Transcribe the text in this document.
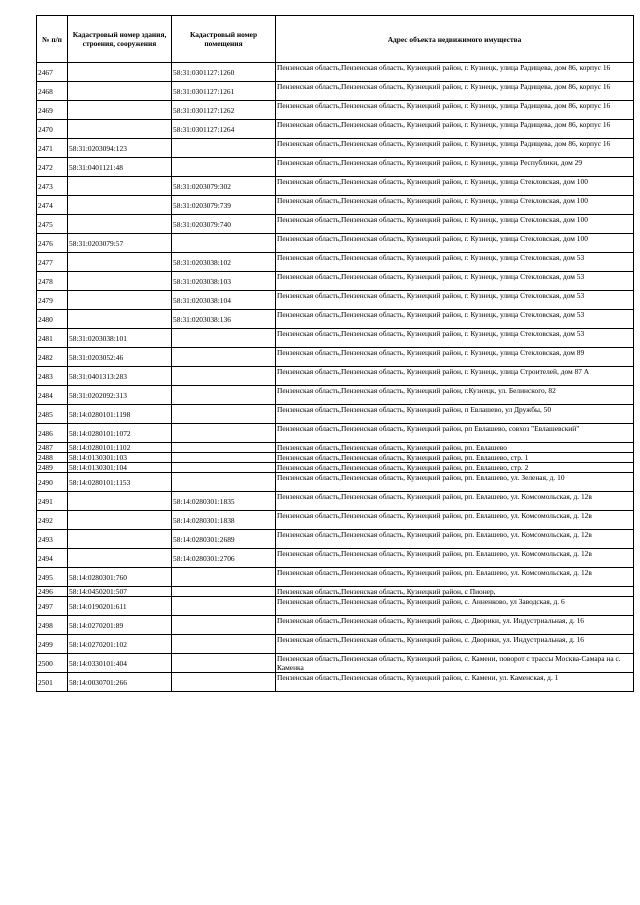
№ п/п	Кадастровый номер здания, строения, сооружения	Кадастровый номер помещения	Адрес объекта недвижимого имущества
2467		58:31:0301127:1260	Пензенская область,Пензенская область, Кузнецкий район, г. Кузнецк, улица Радищева, дом 86, корпус 16
2468		58:31:0301127:1261	Пензенская область,Пензенская область, Кузнецкий район, г. Кузнецк, улица Радищева, дом 86, корпус 16
2469		58:31:0301127:1262	Пензенская область,Пензенская область, Кузнецкий район, г. Кузнецк, улица Радищева, дом 86, корпус 16
2470		58:31:0301127:1264	Пензенская область,Пензенская область, Кузнецкий район, г. Кузнецк, улица Радищева, дом 86, корпус 16
2471	58:31:0203094:123		Пензенская область,Пензенская область, Кузнецкий район, г. Кузнецк, улица Радищева, дом 86, корпус 16
2472	58:31:0401121:48		Пензенская область,Пензенская область, Кузнецкий район, г. Кузнецк, улица Республики, дом 29
2473		58:31:0203079:302	Пензенская область,Пензенская область, Кузнецкий район, г. Кузнецк, улица Стекловская, дом 100
2474		58:31:0203079:739	Пензенская область,Пензенская область, Кузнецкий район, г. Кузнецк, улица Стекловская, дом 100
2475		58:31:0203079:740	Пензенская область,Пензенская область, Кузнецкий район, г. Кузнецк, улица Стекловская, дом 100
2476	58:31:0203079:57		Пензенская область,Пензенская область, Кузнецкий район, г. Кузнецк, улица Стекловская, дом 100
2477		58:31:0203038:102	Пензенская область,Пензенская область, Кузнецкий район, г. Кузнецк, улица Стекловская, дом 53
2478		58:31:0203038:103	Пензенская область,Пензенская область, Кузнецкий район, г. Кузнецк, улица Стекловская, дом 53
2479		58:31:0203038:104	Пензенская область,Пензенская область, Кузнецкий район, г. Кузнецк, улица Стекловская, дом 53
2480		58:31:0203038:136	Пензенская область,Пензенская область, Кузнецкий район, г. Кузнецк, улица Стекловская, дом 53
2481	58:31:0203038:101		Пензенская область,Пензенская область, Кузнецкий район, г. Кузнецк, улица Стекловская, дом 53
2482	58:31:0203052:46		Пензенская область,Пензенская область, Кузнецкий район, г. Кузнецк, улица Стекловская, дом 89
2483	58:31:0401313:283		Пензенская область,Пензенская область, Кузнецкий район, г. Кузнецк, улица Строителей, дом 87 А
2484	58:31:0202092:313		Пензенская область,Пензенская область, Кузнецкий район, г.Кузнецк, ул. Белинского, 82
2485	58:14:0280101:1198		Пензенская область,Пензенская область, Кузнецкий район, п Евлашево, ул Дружбы, 50
2486	58:14:0280101:1072		Пензенская область,Пензенская область, Кузнецкий район, рп Евлашево, совхоз "Евлашевский"
2487	58:14:0280101:1102		Пензенская область,Пензенская область, Кузнецкий район, рп. Евлашево
2488	58:14:0130301:103		Пензенская область,Пензенская область, Кузнецкий район, рп. Евлашево, стр. 1
2489	58:14:0130301:104		Пензенская область,Пензенская область, Кузнецкий район, рп. Евлашево, стр. 2
2490	58:14:0280101:1153		Пензенская область,Пензенская область, Кузнецкий район, рп. Евлашево, ул. Зеленая, д. 10
2491		58:14:0280301:1835	Пензенская область,Пензенская область, Кузнецкий район, рп. Евлашево, ул. Комсомольская, д. 12в
2492		58:14:0280301:1838	Пензенская область,Пензенская область, Кузнецкий район, рп. Евлашево, ул. Комсомольская, д. 12в
2493		58:14:0280301:2689	Пензенская область,Пензенская область, Кузнецкий район, рп. Евлашево, ул. Комсомольская, д. 12в
2494		58:14:0280301:2706	Пензенская область,Пензенская область, Кузнецкий район, рп. Евлашево, ул. Комсомольская, д. 12в
2495	58:14:0280301:760		Пензенская область,Пензенская область, Кузнецкий район, рп. Евлашево, ул. Комсомольская, д. 12в
2496	58:14:0450201:507		Пензенская область,Пензенская область, Кузнецкий район, с Пионер,
2497	58:14:0190201:611		Пензенская область,Пензенская область, Кузнецкий район, с. Анненково, ул Заводская, д. 6
2498	58:14:0270201:89		Пензенская область,Пензенская область, Кузнецкий район, с. Дворики, ул. Индустриальная, д. 16
2499	58:14:0270201:102		Пензенская область,Пензенская область, Кузнецкий район, с. Дворики, ул. Индустриальная, д. 16
2500	58:14:0330101:404		Пензенская область,Пензенская область, Кузнецкий район, с. Камени, поворот с трассы Москва-Самара на с. Каменка
2501	58:14:0030701:266		Пензенская область,Пензенская область, Кузнецкий район, с. Камени, ул. Каменская, д. 1
